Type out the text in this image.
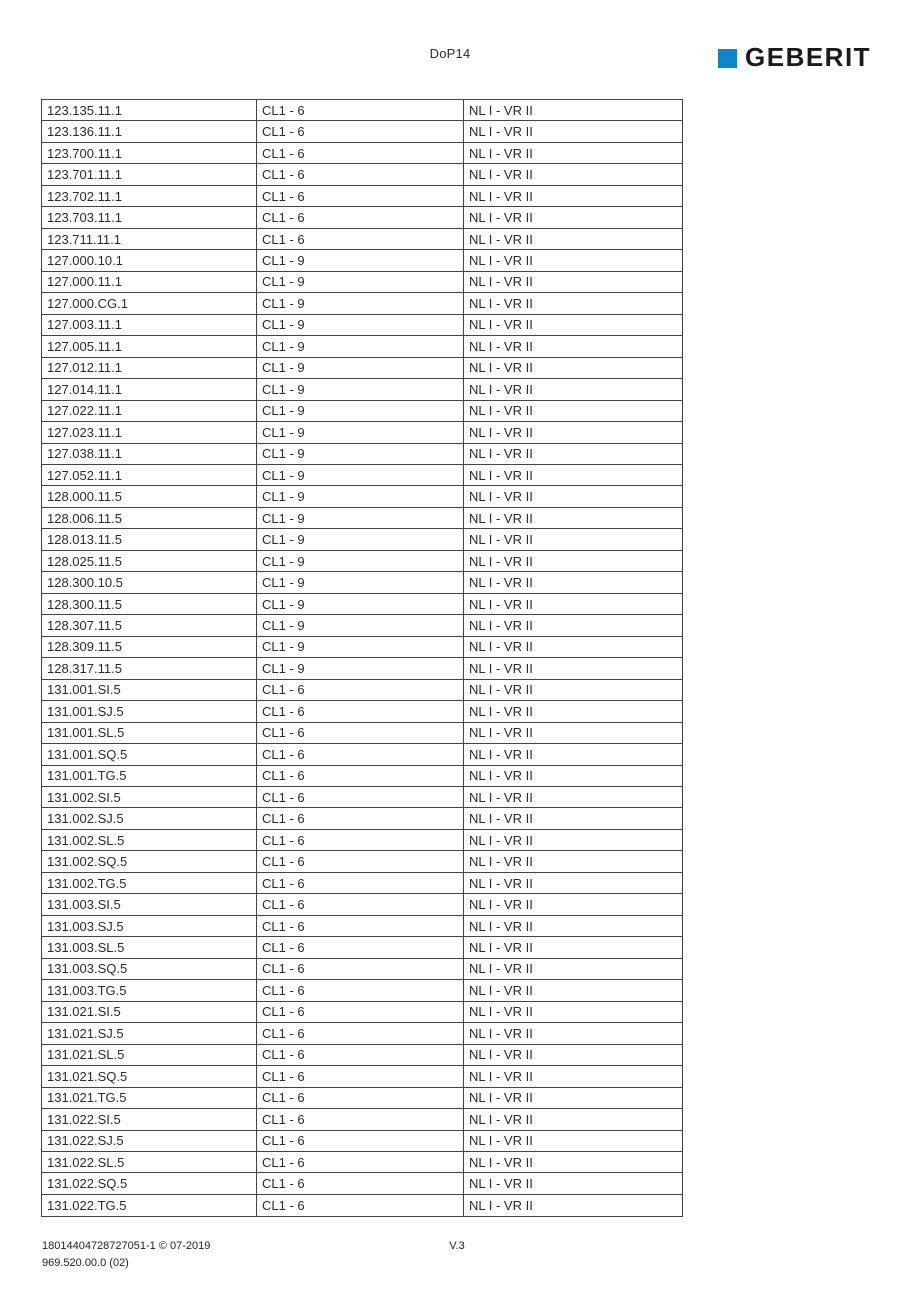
DoP14	GEBERIT
123.135.11.1	CL1 - 6	NL I - VR II
123.136.11.1	CL1 - 6	NL I - VR II
123.700.11.1	CL1 - 6	NL I - VR II
123.701.11.1	CL1 - 6	NL I - VR II
123.702.11.1	CL1 - 6	NL I - VR II
123.703.11.1	CL1 - 6	NL I - VR II
123.711.11.1	CL1 - 6	NL I - VR II
127.000.10.1	CL1 - 9	NL I - VR II
127.000.11.1	CL1 - 9	NL I - VR II
127.000.CG.1	CL1 - 9	NL I - VR II
127.003.11.1	CL1 - 9	NL I - VR II
127.005.11.1	CL1 - 9	NL I - VR II
127.012.11.1	CL1 - 9	NL I - VR II
127.014.11.1	CL1 - 9	NL I - VR II
127.022.11.1	CL1 - 9	NL I - VR II
127.023.11.1	CL1 - 9	NL I - VR II
127.038.11.1	CL1 - 9	NL I - VR II
127.052.11.1	CL1 - 9	NL I - VR II
128.000.11.5	CL1 - 9	NL I - VR II
128.006.11.5	CL1 - 9	NL I - VR II
128.013.11.5	CL1 - 9	NL I - VR II
128.025.11.5	CL1 - 9	NL I - VR II
128.300.10.5	CL1 - 9	NL I - VR II
128.300.11.5	CL1 - 9	NL I - VR II
128.307.11.5	CL1 - 9	NL I - VR II
128.309.11.5	CL1 - 9	NL I - VR II
128.317.11.5	CL1 - 9	NL I - VR II
131.001.SI.5	CL1 - 6	NL I - VR II
131.001.SJ.5	CL1 - 6	NL I - VR II
131.001.SL.5	CL1 - 6	NL I - VR II
131.001.SQ.5	CL1 - 6	NL I - VR II
131.001.TG.5	CL1 - 6	NL I - VR II
131.002.SI.5	CL1 - 6	NL I - VR II
131.002.SJ.5	CL1 - 6	NL I - VR II
131.002.SL.5	CL1 - 6	NL I - VR II
131.002.SQ.5	CL1 - 6	NL I - VR II
131.002.TG.5	CL1 - 6	NL I - VR II
131.003.SI.5	CL1 - 6	NL I - VR II
131.003.SJ.5	CL1 - 6	NL I - VR II
131.003.SL.5	CL1 - 6	NL I - VR II
131.003.SQ.5	CL1 - 6	NL I - VR II
131.003.TG.5	CL1 - 6	NL I - VR II
131.021.SI.5	CL1 - 6	NL I - VR II
131.021.SJ.5	CL1 - 6	NL I - VR II
131.021.SL.5	CL1 - 6	NL I - VR II
131.021.SQ.5	CL1 - 6	NL I - VR II
131.021.TG.5	CL1 - 6	NL I - VR II
131.022.SI.5	CL1 - 6	NL I - VR II
131.022.SJ.5	CL1 - 6	NL I - VR II
131.022.SL.5	CL1 - 6	NL I - VR II
131.022.SQ.5	CL1 - 6	NL I - VR II
131.022.TG.5	CL1 - 6	NL I - VR II
18014404728727051-1 © 07-2019
969.520.00.0 (02)
V.3
